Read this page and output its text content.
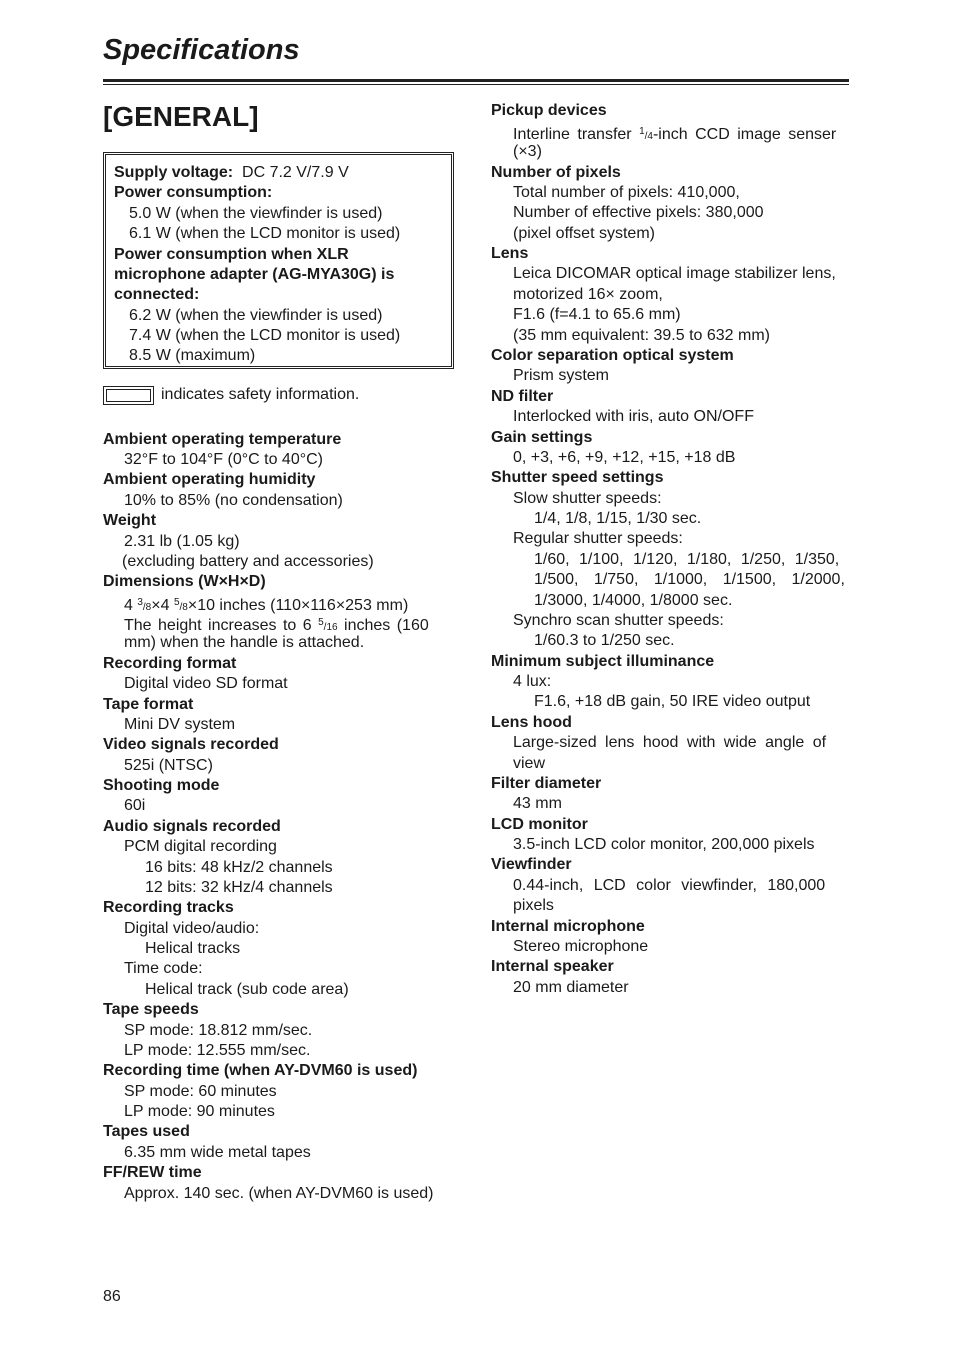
Specifications
[GENERAL]
Supply voltage: DC 7.2 V/7.9 V
Power consumption:
5.0 W (when the viewfinder is used)
6.1 W (when the LCD monitor is used)
Power consumption when XLR
microphone adapter (AG-MYA30G) is
connected:
6.2 W (when the viewfinder is used)
7.4 W (when the LCD monitor is used)
8.5 W (maximum)
indicates safety information.
Ambient operating temperature
32°F to 104°F (0°C to 40°C)
Ambient operating humidity
10% to 85% (no condensation)
Weight
2.31 lb (1.05 kg)
(excluding battery and accessories)
Dimensions (W×H×D)
4 $^3$/8×4 $^5$/8×10 inches (110×116×253 mm)
The height increases to 6 $^5$/16 inches (160
mm) when the handle is attached.
Recording format
Digital video SD format
Tape format
Mini DV system
Video signals recorded
525i (NTSC)
Shooting mode
60i
Audio signals recorded
PCM digital recording
16 bits: 48 kHz/2 channels
12 bits: 32 kHz/4 channels
Recording tracks
Digital video/audio:
Helical tracks
Time code:
Helical track (sub code area)
Tape speeds
SP mode: 18.812 mm/sec.
LP mode: 12.555 mm/sec.
Recording time (when AY-DVM60 is used)
SP mode: 60 minutes
LP mode: 90 minutes
Tapes used
6.35 mm wide metal tapes
FF/REW time
Approx. 140 sec. (when AY-DVM60 is used)
Pickup devices
Interline transfer $^1$/4-inch CCD image senser
(×3)
Number of pixels
Total number of pixels: 410,000,
Number of effective pixels: 380,000
(pixel offset system)
Lens
Leica DICOMAR optical image stabilizer lens,
motorized 16× zoom,
F1.6 (f=4.1 to 65.6 mm)
(35 mm equivalent: 39.5 to 632 mm)
Color separation optical system
Prism system
ND filter
Interlocked with iris, auto ON/OFF
Gain settings
0, +3, +6, +9, +12, +15, +18 dB
Shutter speed settings
Slow shutter speeds:
1/4, 1/8, 1/15, 1/30 sec.
Regular shutter speeds:
1/60, 1/100, 1/120, 1/180, 1/250, 1/350,
1/500, 1/750, 1/1000, 1/1500, 1/2000,
1/3000, 1/4000, 1/8000 sec.
Synchro scan shutter speeds:
1/60.3 to 1/250 sec.
Minimum subject illuminance
4 lux:
F1.6, +18 dB gain, 50 IRE video output
Lens hood
Large-sized lens hood with wide angle of
view
Filter diameter
43 mm
LCD monitor
3.5-inch LCD color monitor, 200,000 pixels
Viewfinder
0.44-inch, LCD color viewfinder, 180,000
pixels
Internal microphone
Stereo microphone
Internal speaker
20 mm diameter
86
